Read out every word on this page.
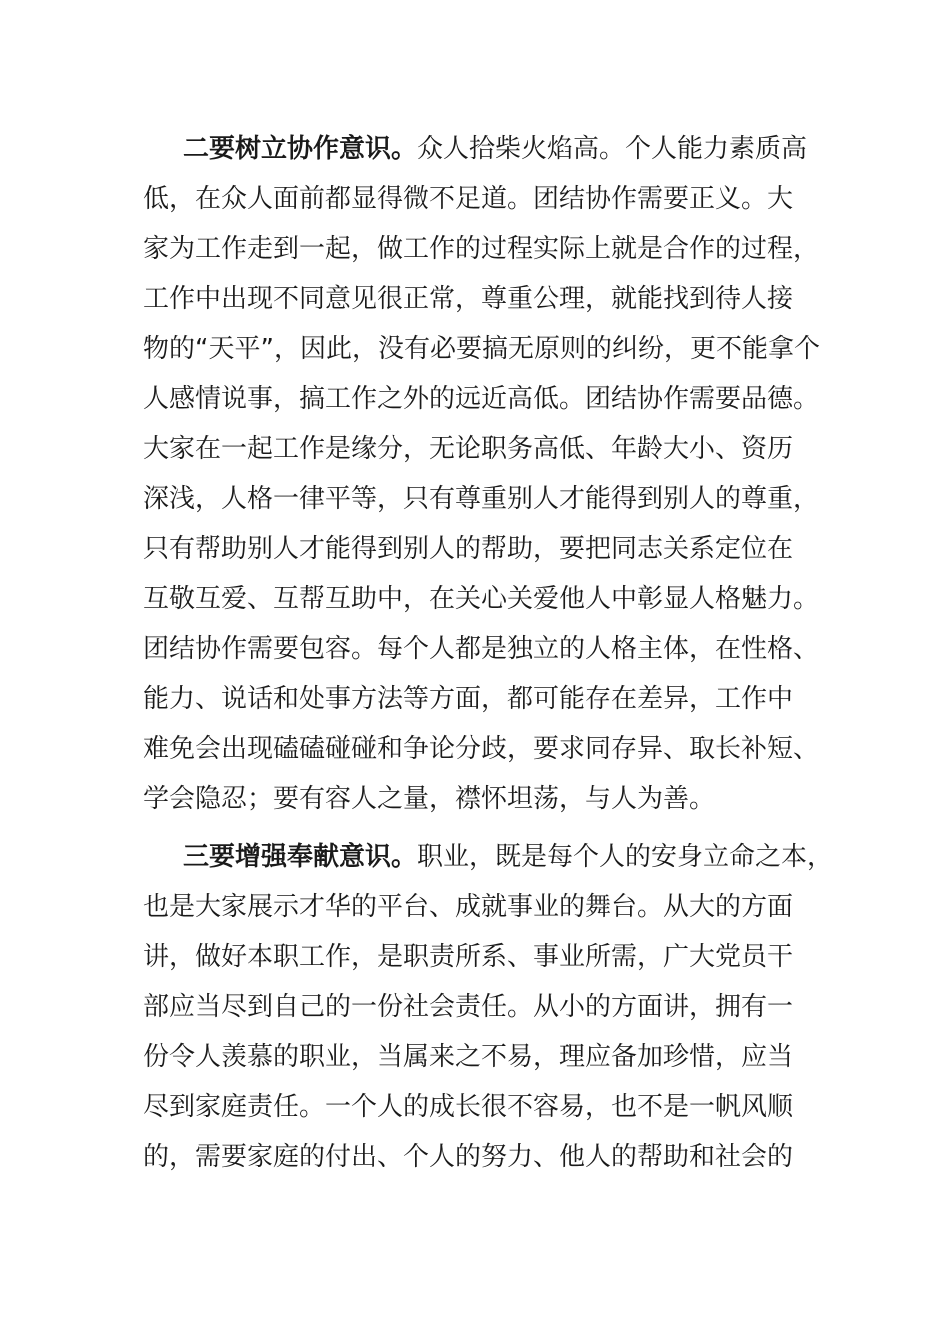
二要树立协作意识。众人拾柴火焰高。个人能力素质高
低，在众人面前都显得微不足道。团结协作需要正义。大
家为工作走到一起，做工作的过程实际上就是合作的过程，
工作中出现不同意见很正常，尊重公理，就能找到待人接
物的“天平”，因此，没有必要搞无原则的纠纷，更不能拿个
人感情说事，搞工作之外的远近高低。团结协作需要品德。
大家在一起工作是缘分，无论职务高低、年龄大小、资历
深浅，人格一律平等，只有尊重别人才能得到别人的尊重，
只有帮助别人才能得到别人的帮助，要把同志关系定位在
互敬互爱、互帮互助中，在关心关爱他人中彰显人格魅力。
团结协作需要包容。每个人都是独立的人格主体，在性格、
能力、说话和处事方法等方面，都可能存在差异，工作中
难免会出现磕磕碰碰和争论分歧，要求同存异、取长补短、
学会隐忍；要有容人之量，襟怀坦荡，与人为善。
三要增强奉献意识。职业，既是每个人的安身立命之本，
也是大家展示才华的平台、成就事业的舞台。从大的方面
讲，做好本职工作，是职责所系、事业所需，广大党员干
部应当尽到自己的一份社会责任。从小的方面讲，拥有一
份令人羡慕的职业，当属来之不易，理应备加珍惜，应当
尽到家庭责任。一个人的成长很不容易，也不是一帆风顺
的，需要家庭的付出、个人的努力、他人的帮助和社会的
